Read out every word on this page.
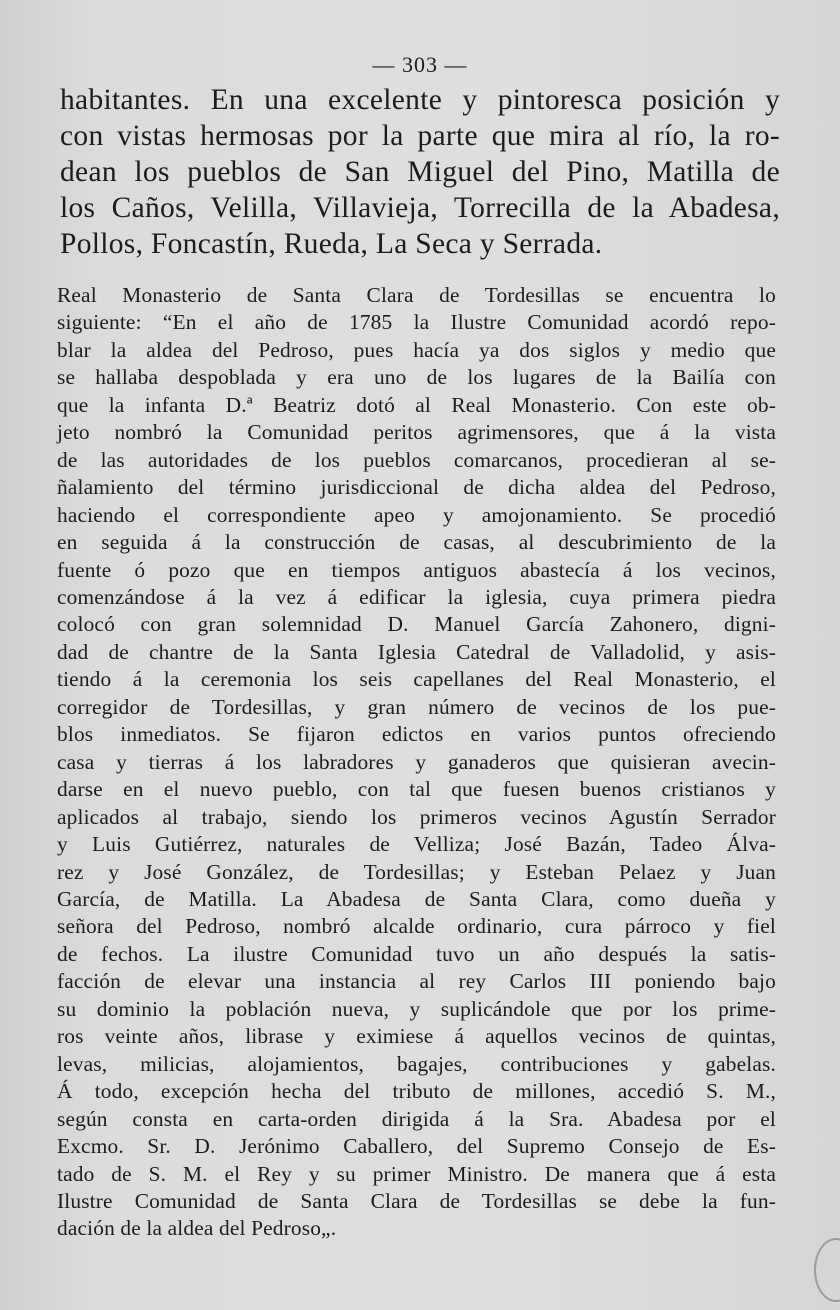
— 303 —
habitantes. En una excelente y pintoresca posición y
con vistas hermosas por la parte que mira al río, la ro-
dean los pueblos de San Miguel del Pino, Matilla de
los Caños, Velilla, Villavieja, Torrecilla de la Abadesa,
Pollos, Foncastín, Rueda, La Seca y Serrada.
Real Monasterio de Santa Clara de Tordesillas se encuentra lo
siguiente: “En el año de 1785 la Ilustre Comunidad acordó repo-
blar la aldea del Pedroso, pues hacía ya dos siglos y medio que
se hallaba despoblada y era uno de los lugares de la Bailía con
que la infanta D.ª Beatriz dotó al Real Monasterio. Con este ob-
jeto nombró la Comunidad peritos agrimensores, que á la vista
de las autoridades de los pueblos comarcanos, procedieran al se-
ñalamiento del término jurisdiccional de dicha aldea del Pedroso,
haciendo el correspondiente apeo y amojonamiento. Se procedió
en seguida á la construcción de casas, al descubrimiento de la
fuente ó pozo que en tiempos antiguos abastecía á los vecinos,
comenzándose á la vez á edificar la iglesia, cuya primera piedra
colocó con gran solemnidad D. Manuel García Zahonero, digni-
dad de chantre de la Santa Iglesia Catedral de Valladolid, y asis-
tiendo á la ceremonia los seis capellanes del Real Monasterio, el
corregidor de Tordesillas, y gran número de vecinos de los pue-
blos inmediatos. Se fijaron edictos en varios puntos ofreciendo
casa y tierras á los labradores y ganaderos que quisieran avecin-
darse en el nuevo pueblo, con tal que fuesen buenos cristianos y
aplicados al trabajo, siendo los primeros vecinos Agustín Serrador
y Luis Gutiérrez, naturales de Velliza; José Bazán, Tadeo Álva-
rez y José González, de Tordesillas; y Esteban Pelaez y Juan
García, de Matilla. La Abadesa de Santa Clara, como dueña y
señora del Pedroso, nombró alcalde ordinario, cura párroco y fiel
de fechos. La ilustre Comunidad tuvo un año después la satis-
facción de elevar una instancia al rey Carlos III poniendo bajo
su dominio la población nueva, y suplicándole que por los prime-
ros veinte años, librase y eximiese á aquellos vecinos de quintas,
levas, milicias, alojamientos, bagajes, contribuciones y gabelas.
Á todo, excepción hecha del tributo de millones, accedió S. M.,
según consta en carta-orden dirigida á la Sra. Abadesa por el
Excmo. Sr. D. Jerónimo Caballero, del Supremo Consejo de Es-
tado de S. M. el Rey y su primer Ministro. De manera que á esta
Ilustre Comunidad de Santa Clara de Tordesillas se debe la fun-
dación de la aldea del Pedroso„.
